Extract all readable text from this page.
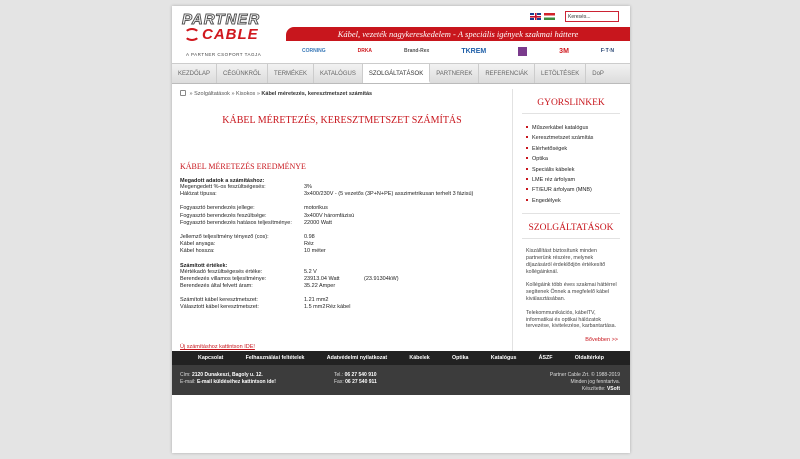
PARTNER
CABLE
A PARTNER CSOPORT TAGJA
Keresés...
Kábel, vezeték nagykereskedelem - A speciális igények szakmai háttere
CORNING	DRKA	Brand-Rex	TKREM	3M	F·T·N
KEZDŐLAP	CÉGÜNKRŐL	TERMÉKEK	KATALÓGUS	SZOLGÁLTATÁSOK	PARTNEREK	REFERENCIÁK	LETÖLTÉSEK	DoP
» Szolgáltatások » Kisokos » Kábel méretezés, keresztmetszet számítás
KÁBEL MÉRETEZÉS, KERESZTMETSZET SZÁMÍTÁS
KÁBEL MÉRETEZÉS EREDMÉNYE
Megadott adatok a számításhoz:
Megengedett %-os feszültségesés:	3%
Hálózat típusa:	3x400/230V - (5 vezetős (3P+N+PE) asszimetrikusan terhelt 3 fázisú)
Fogyasztó berendezés jellege:	motorikus
Fogyasztó berendezés feszültsége:	3x400V háromfázisú
Fogyasztó berendezés hatásos teljesítménye:	22000 Watt
Jellemző teljesítmény tényező (cos):	0.98
Kábel anyaga:	Réz
Kábel hossza:	10 méter
Számított értékek:
Mértékadó feszültségesés értéke:	5.2 V
Berendezés villamos teljesítménye:	23913.04 Watt	(23.91304kW)
Berendezés által felvett áram:	35.22 Amper
Számított kábel keresztmetszet:	1.21 mm2
Választott kábel keresztmetszet:	1.5 mm2 Réz kábel
Új számításhoz kattintson IDE!
GYORSLINKEK
Műszerkábel katalógus
Keresztmetszet számítás
Elérhetőségek
Optika
Speciális kábelek
LME réz árfolyam
FT/EUR árfolyam (MNB)
Engedélyek
SZOLGÁLTATÁSOK

Kiszállítást biztosítunk minden partnerünk részére, melynek díjazásáról érdeklődjön értékesítő kollégáinknál.

Kollégáink több éves szakmai háttérrel segítenek Önnek a megfelelő kábel kiválasztásában.

Telekommunikációs, kábelTV, informatikai és optikai hálózatok tervezése, kivitelezése, karbantartása.

Bővebben >>
Kapcsolat	Felhasználási feltételek	Adatvédelmi nyilatkozat	Kábelek	Optika	Katalógus	ÁSZF	Oldaltérkép
Cím: 2120 Dunakeszi, Bagoly u. 12.
E-mail: E-mail küldéséhez kattintson ide!
Tel.: 06 27 540 910
Fax: 06 27 540 911
Partner Cable Zrt. © 1988-2019
Minden jog fenntartva.
Készítette: VSoft
